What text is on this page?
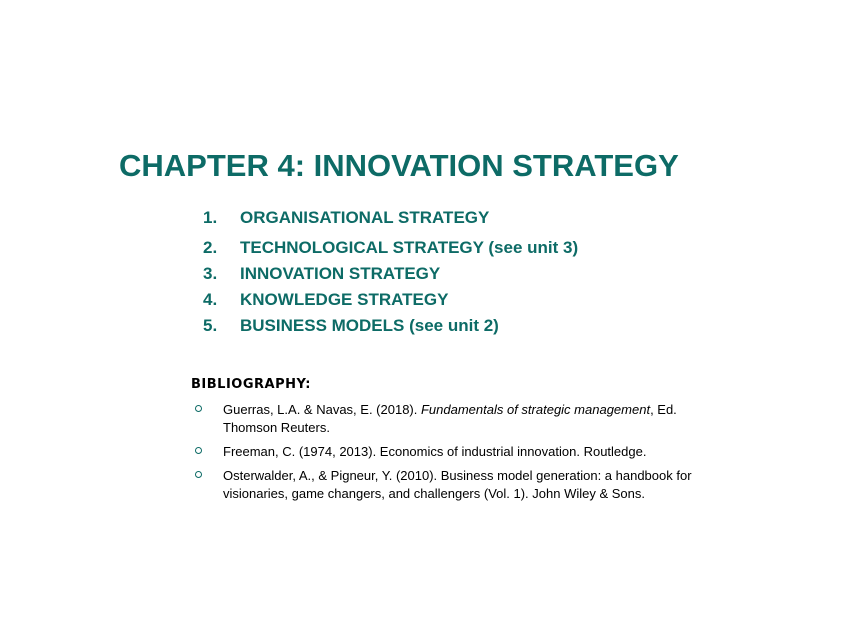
CHAPTER 4: INNOVATION STRATEGY
1. ORGANISATIONAL STRATEGY
2. TECHNOLOGICAL STRATEGY (see unit 3)
3. INNOVATION STRATEGY
4. KNOWLEDGE STRATEGY
5. BUSINESS MODELS (see unit 2)
BIBLIOGRAPHY:
Guerras, L.A. & Navas, E. (2018). Fundamentals of strategic management, Ed. Thomson Reuters.
Freeman, C. (1974, 2013). Economics of industrial innovation. Routledge.
Osterwalder, A., & Pigneur, Y. (2010). Business model generation: a handbook for visionaries, game changers, and challengers (Vol. 1). John Wiley & Sons.
